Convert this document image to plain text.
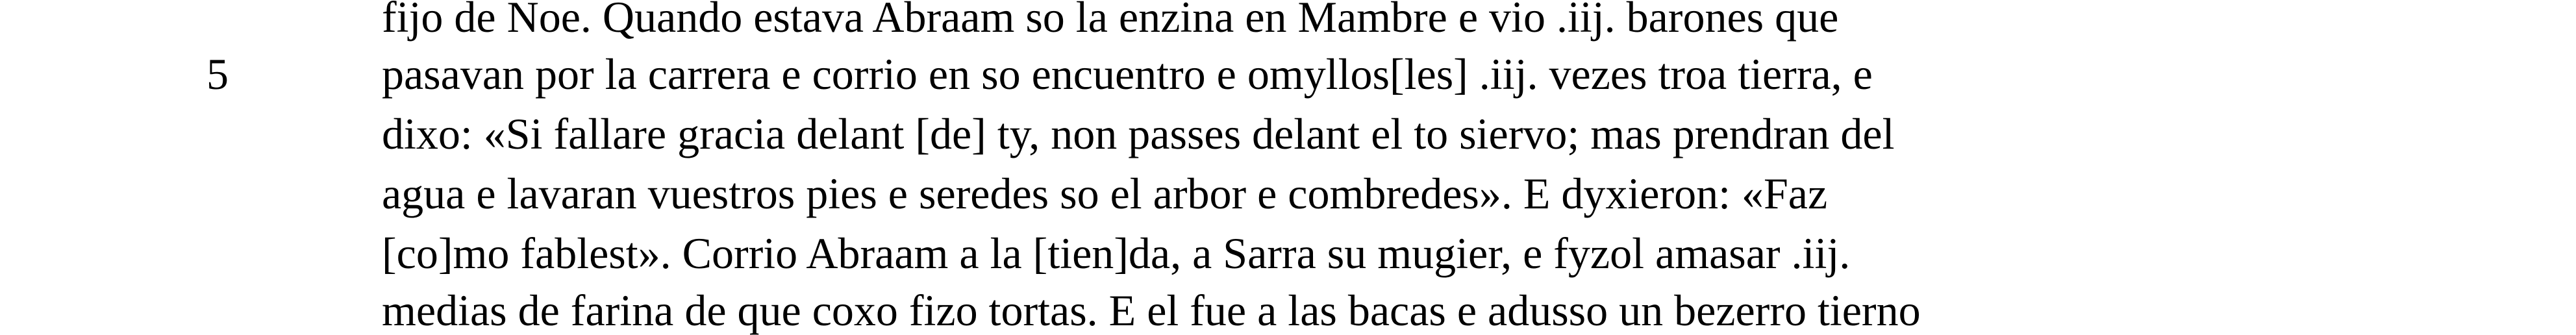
fijo de Noe. Quando estava Abraam so la enzina en Mambre e vio .iij. barones que
5	pasavan por la carrera e corrio en so encuentro e omyllos[les] .iij. vezes troa tierra, e
dixo: «Si fallare gracia delant [de] ty, non passes delant el to siervo; mas prendran del
agua e lavaran vuestros pies e seredes so el arbor e combredes». E dyxieron: «Faz
[co]mo fablest». Corrio Abraam a la [tien]da, a Sarra su mugier, e fyzol amasar .iij.
medias de farina de que coxo fizo tortas. E el fue a las bacas e adusso un bezerro tierno
